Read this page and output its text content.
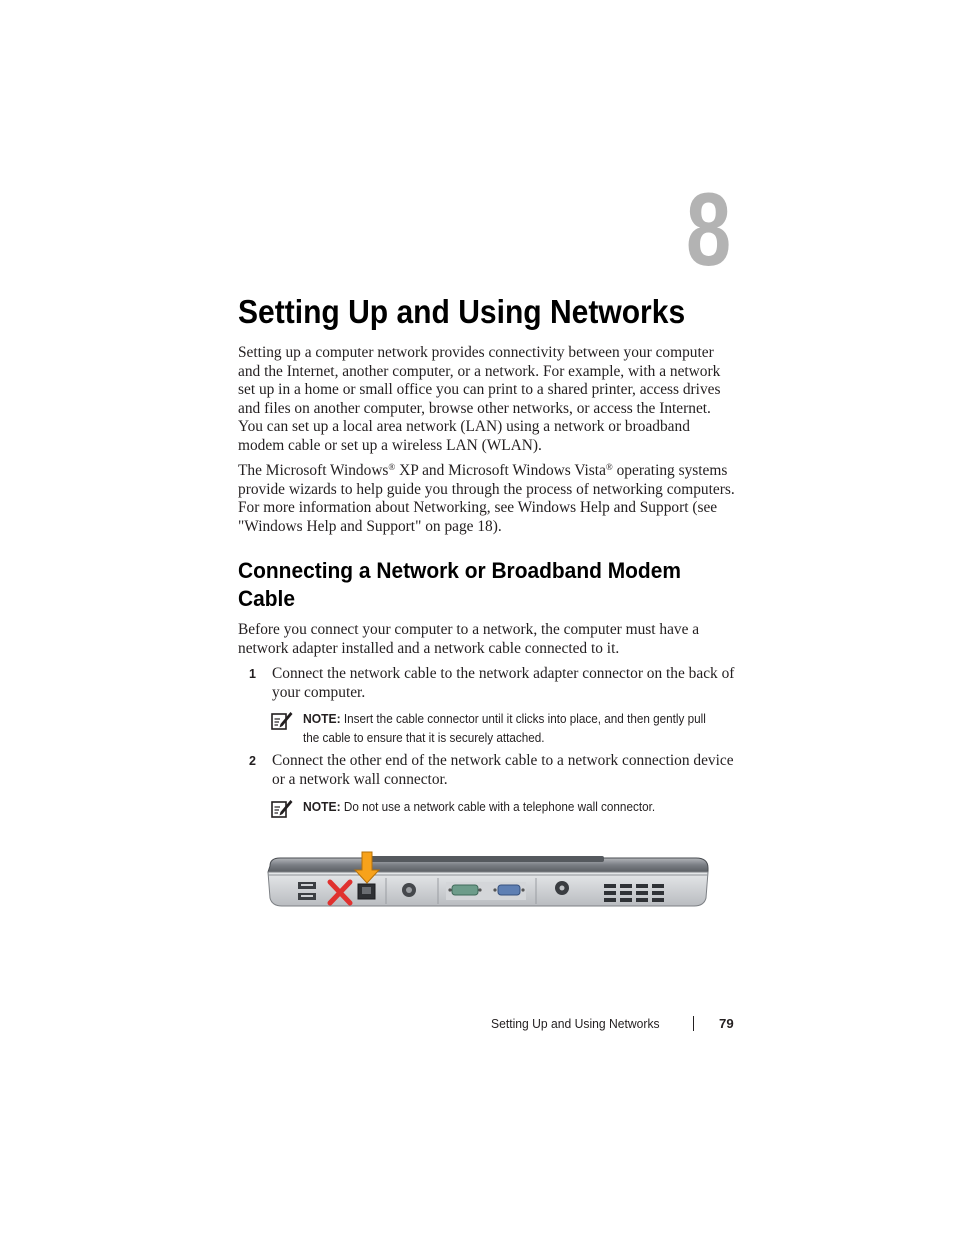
8
Setting Up and Using Networks
Setting up a computer network provides connectivity between your computer and the Internet, another computer, or a network. For example, with a network set up in a home or small office you can print to a shared printer, access drives and files on another computer, browse other networks, or access the Internet. You can set up a local area network (LAN) using a network or broadband modem cable or set up a wireless LAN (WLAN).
The Microsoft Windows® XP and Microsoft Windows Vista® operating systems provide wizards to help guide you through the process of networking computers. For more information about Networking, see Windows Help and Support (see "Windows Help and Support" on page 18).
Connecting a Network or Broadband Modem Cable
Before you connect your computer to a network, the computer must have a network adapter installed and a network cable connected to it.
1 Connect the network cable to the network adapter connector on the back of your computer.
NOTE: Insert the cable connector until it clicks into place, and then gently pull the cable to ensure that it is securely attached.
2 Connect the other end of the network cable to a network connection device or a network wall connector.
NOTE: Do not use a network cable with a telephone wall connector.
Setting Up and Using Networks	79
